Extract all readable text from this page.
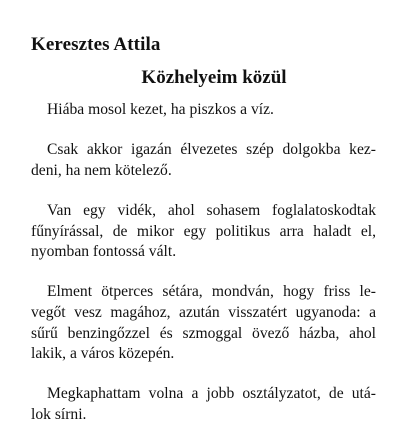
Keresztes Attila
Közhelyeim közül

Hiába mosol kezet, ha piszkos a víz.

Csak akkor igazán élvezetes szép dolgokba kez-
deni, ha nem kötelező.

Van egy vidék, ahol sohasem foglalatoskodtak
fűnyírással, de mikor egy politikus arra haladt el,
nyomban fontossá vált.

Elment ötperces sétára, mondván, hogy friss le-
vegőt vesz magához, azután visszatért ugyanoda: a
sűrű benzingőzzel és szmoggal övező házba, ahol
lakik, a város közepén.

Megkaphattam volna a jobb osztályzatot, de utá-
lok sírni.
